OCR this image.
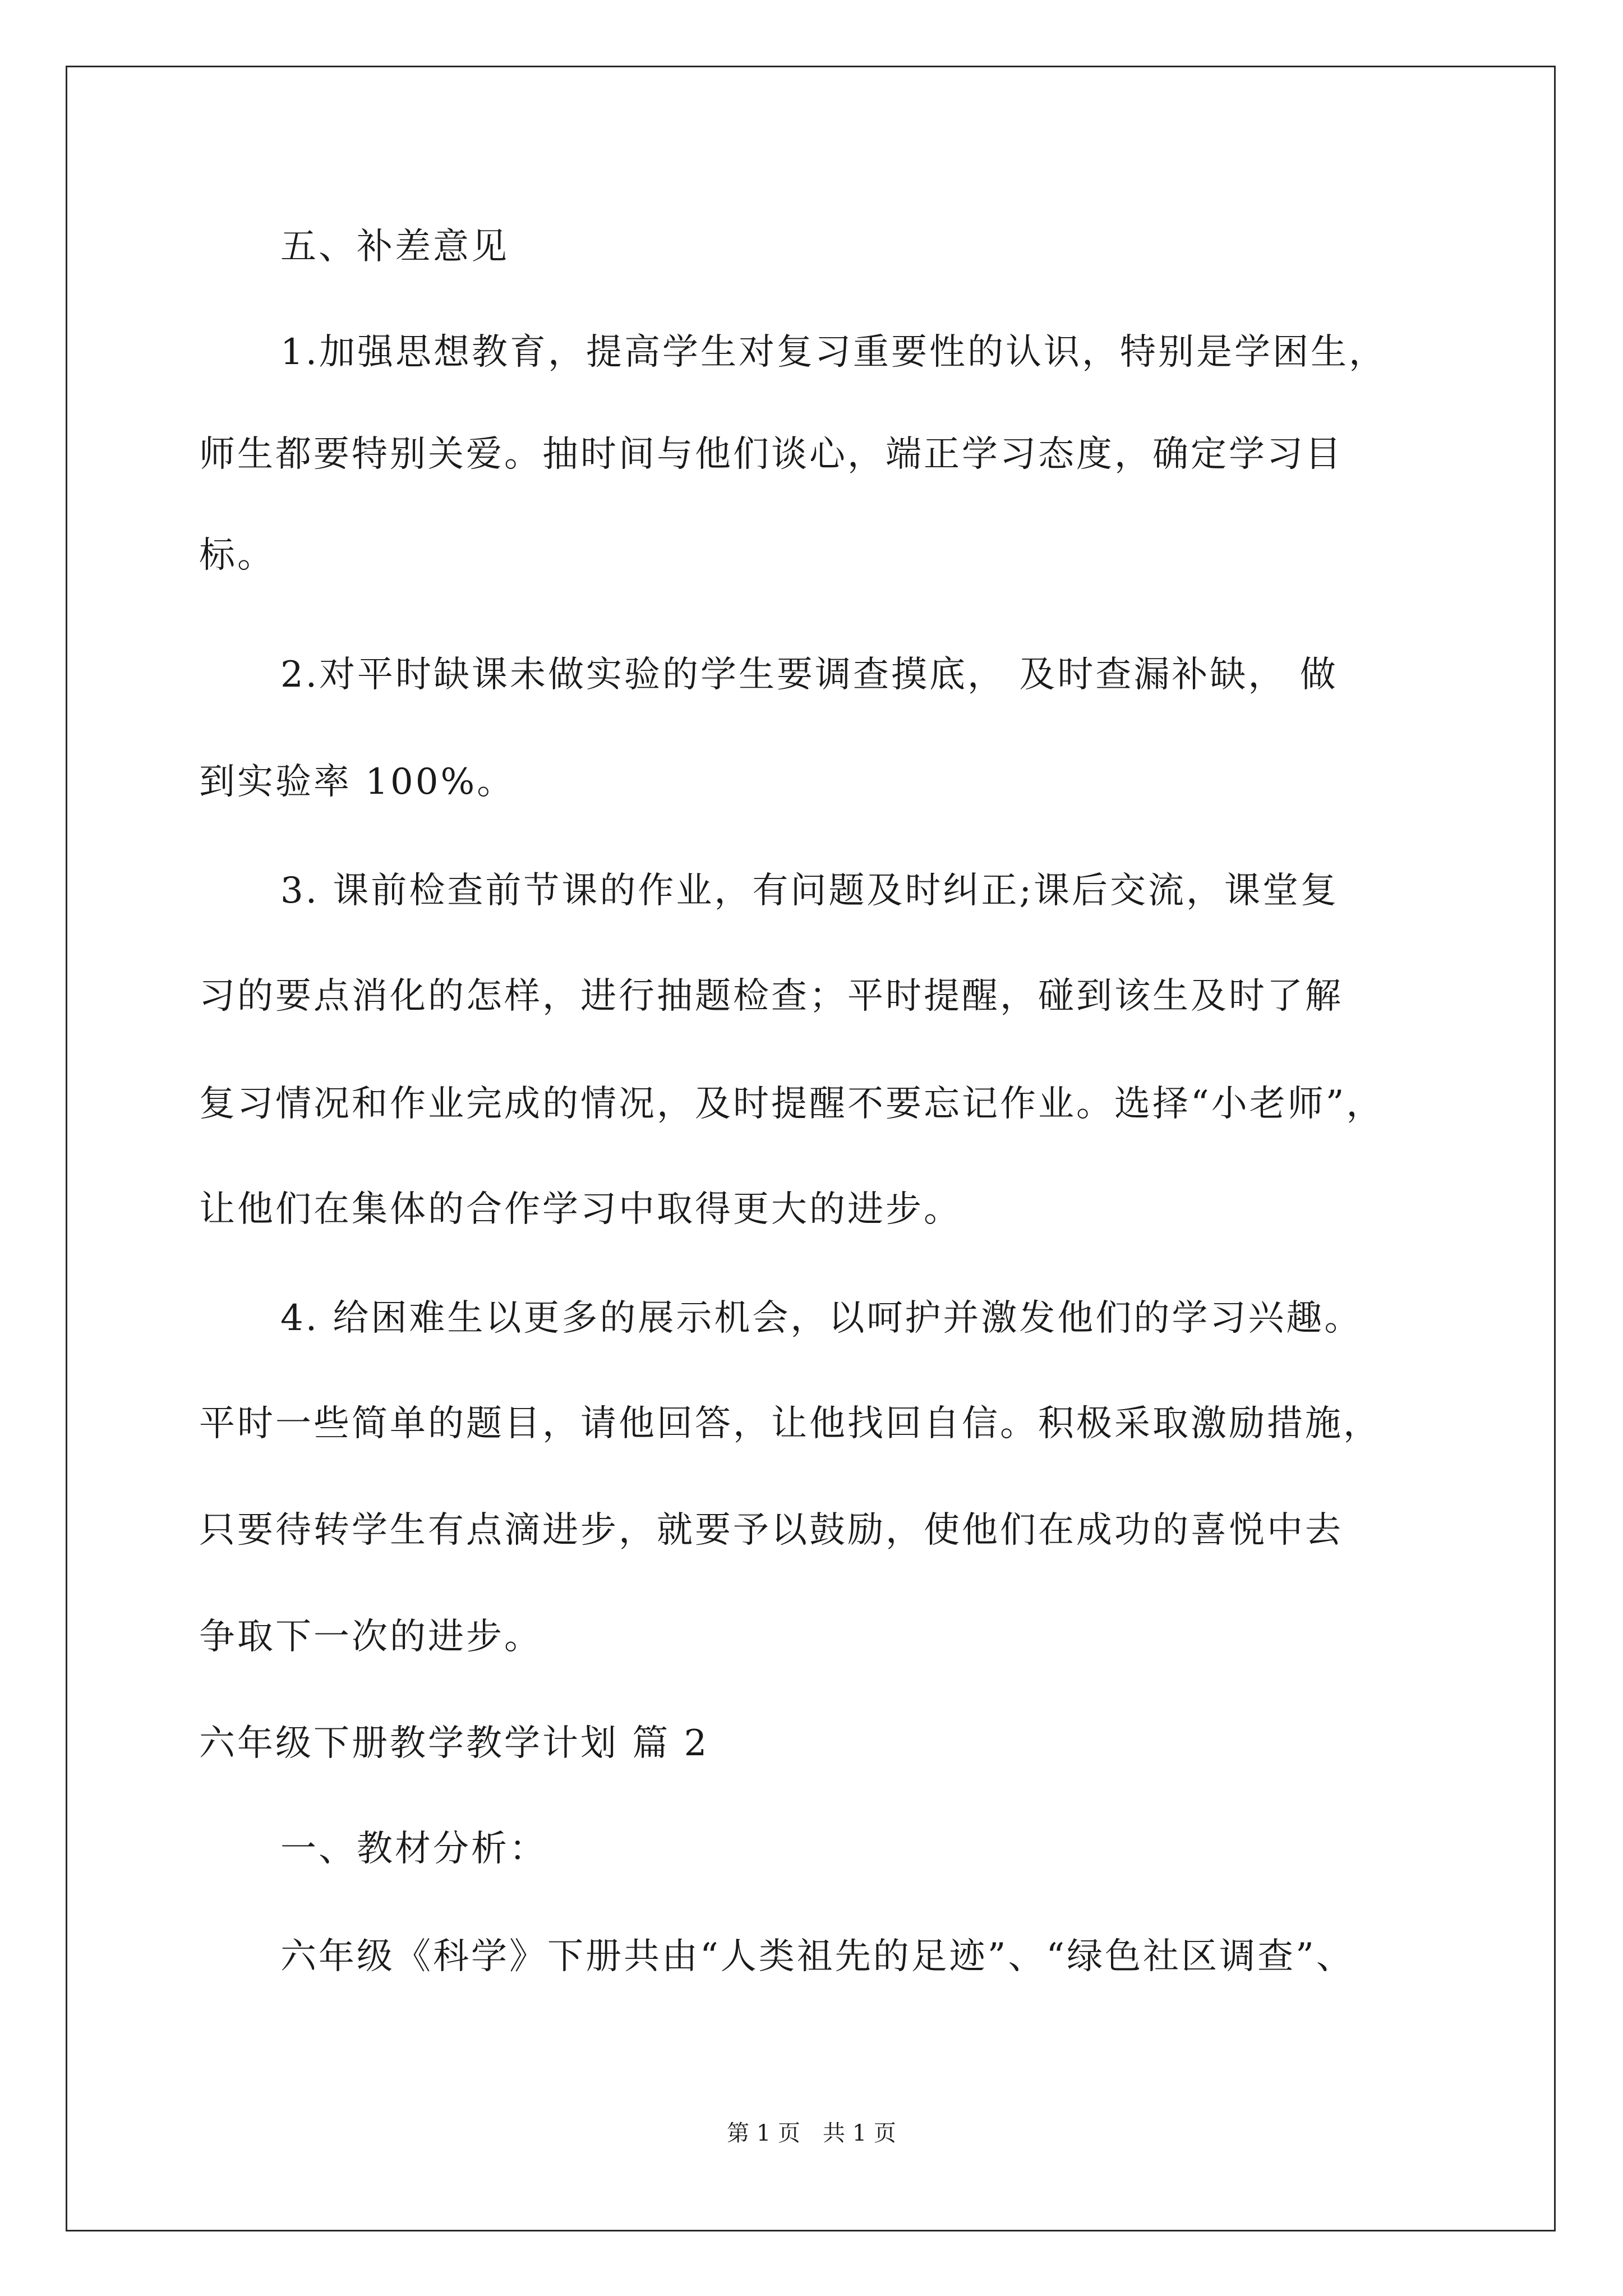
五、补差意见
1.加强思想教育，提高学生对复习重要性的认识，特别是学困生，
师生都要特别关爱。抽时间与他们谈心，端正学习态度，确定学习目
标。
2.对平时缺课未做实验的学生要调查摸底， 及时查漏补缺， 做
到实验率 100%。
3. 课前检查前节课的作业，有问题及时纠正;课后交流，课堂复
习的要点消化的怎样，进行抽题检查；平时提醒，碰到该生及时了解
复习情况和作业完成的情况，及时提醒不要忘记作业。选择“小老师”，
让他们在集体的合作学习中取得更大的进步。
4. 给困难生以更多的展示机会，以呵护并激发他们的学习兴趣。
平时一些简单的题目，请他回答，让他找回自信。积极采取激励措施，
只要待转学生有点滴进步，就要予以鼓励，使他们在成功的喜悦中去
争取下一次的进步。
六年级下册教学教学计划 篇 2
一、教材分析：
六年级《科学》下册共由“人类祖先的足迹”、“绿色社区调查”、
第 1 页　共 1 页
